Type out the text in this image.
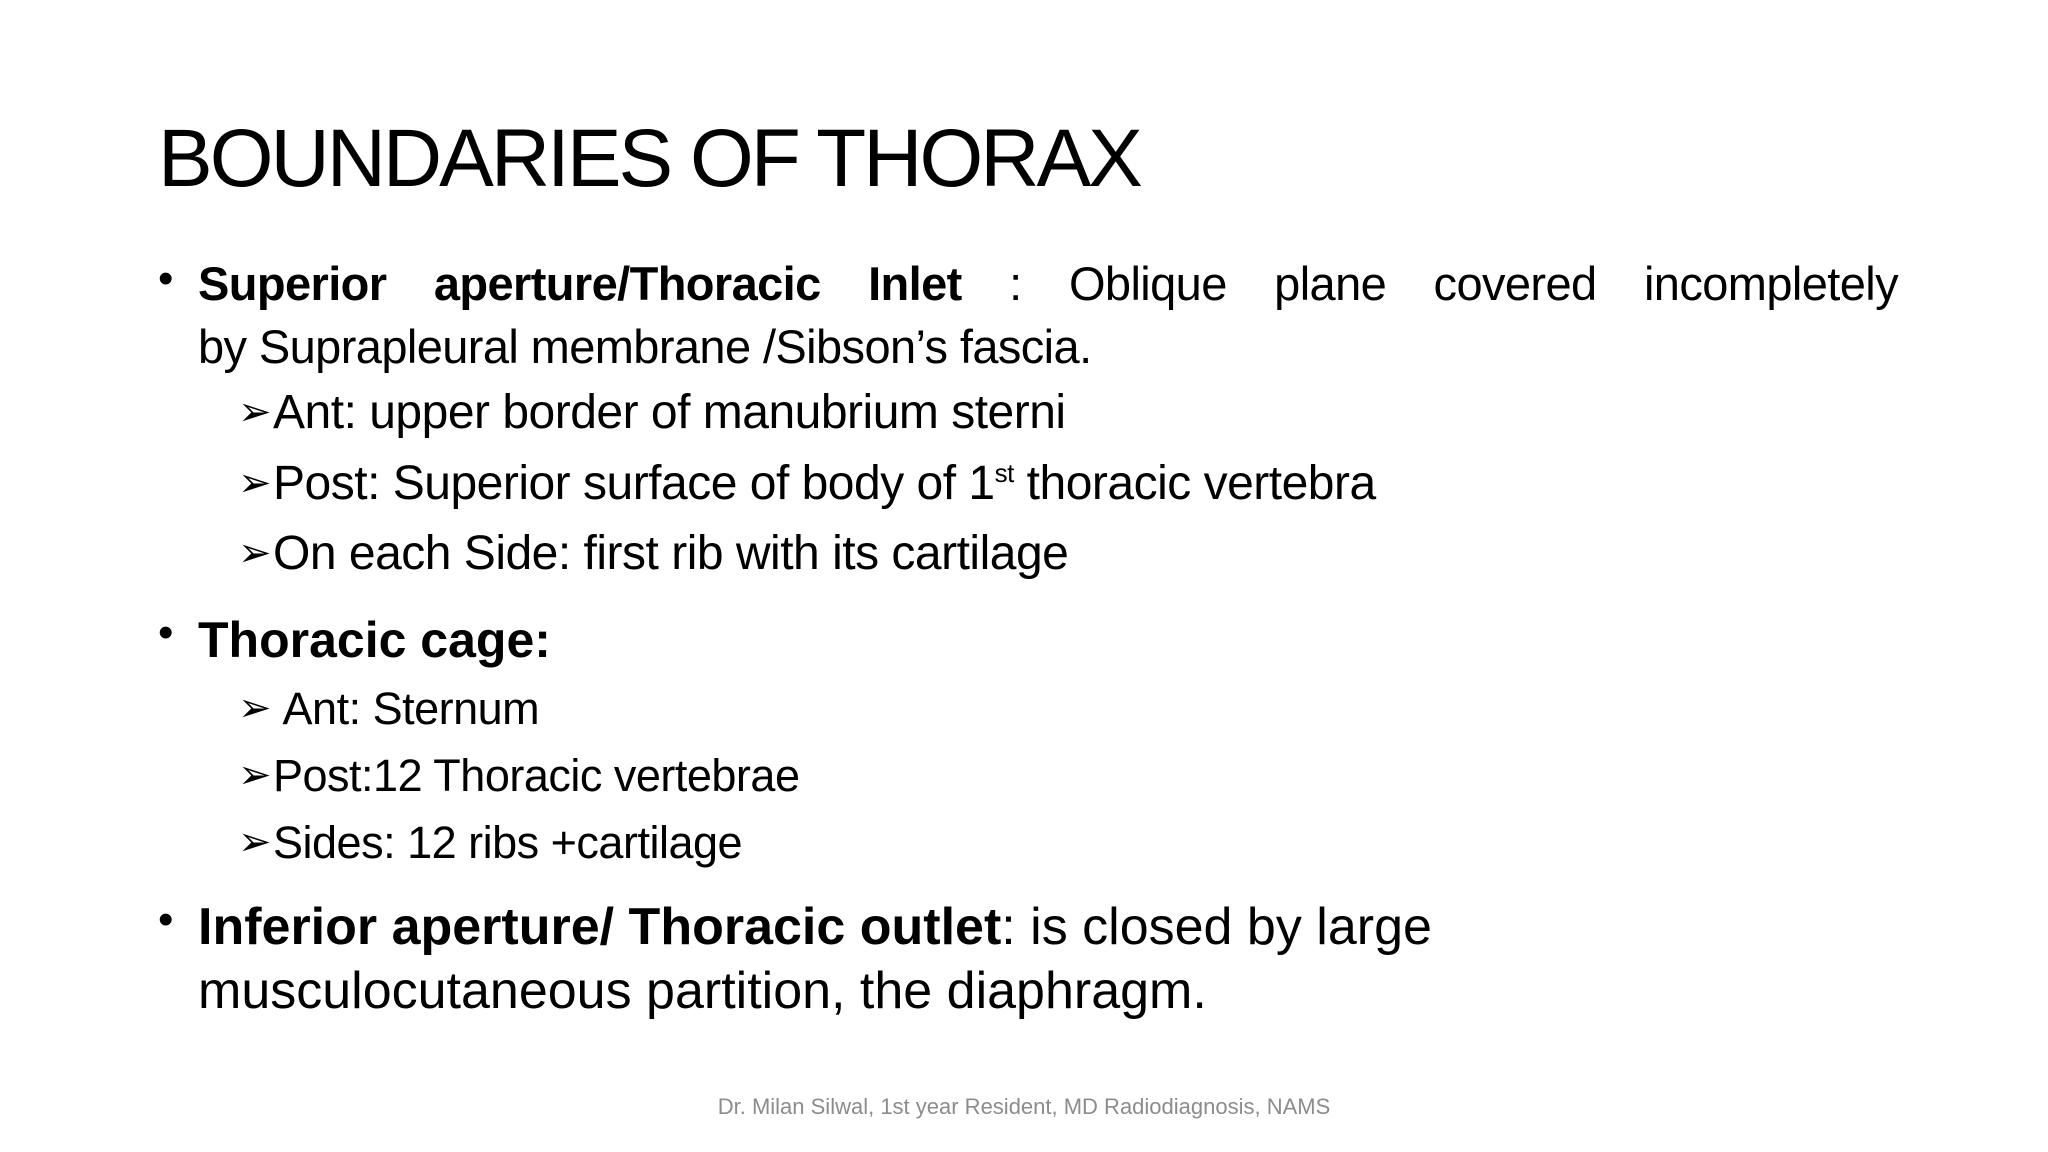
BOUNDARIES OF THORAX
• Superior aperture/Thoracic Inlet : Oblique plane covered incompletely
by Suprapleural membrane /Sibson’s fascia.
➢Ant: upper border of manubrium sterni
➢Post: Superior surface of body of 1st thoracic vertebra
➢On each Side: first rib with its cartilage
• Thoracic cage:
➢ Ant: Sternum
➢Post:12 Thoracic vertebrae
➢Sides: 12 ribs +cartilage
• Inferior aperture/ Thoracic outlet: is closed by large
musculocutaneous partition, the diaphragm.
Dr. Milan Silwal, 1st year Resident, MD Radiodiagnosis, NAMS
